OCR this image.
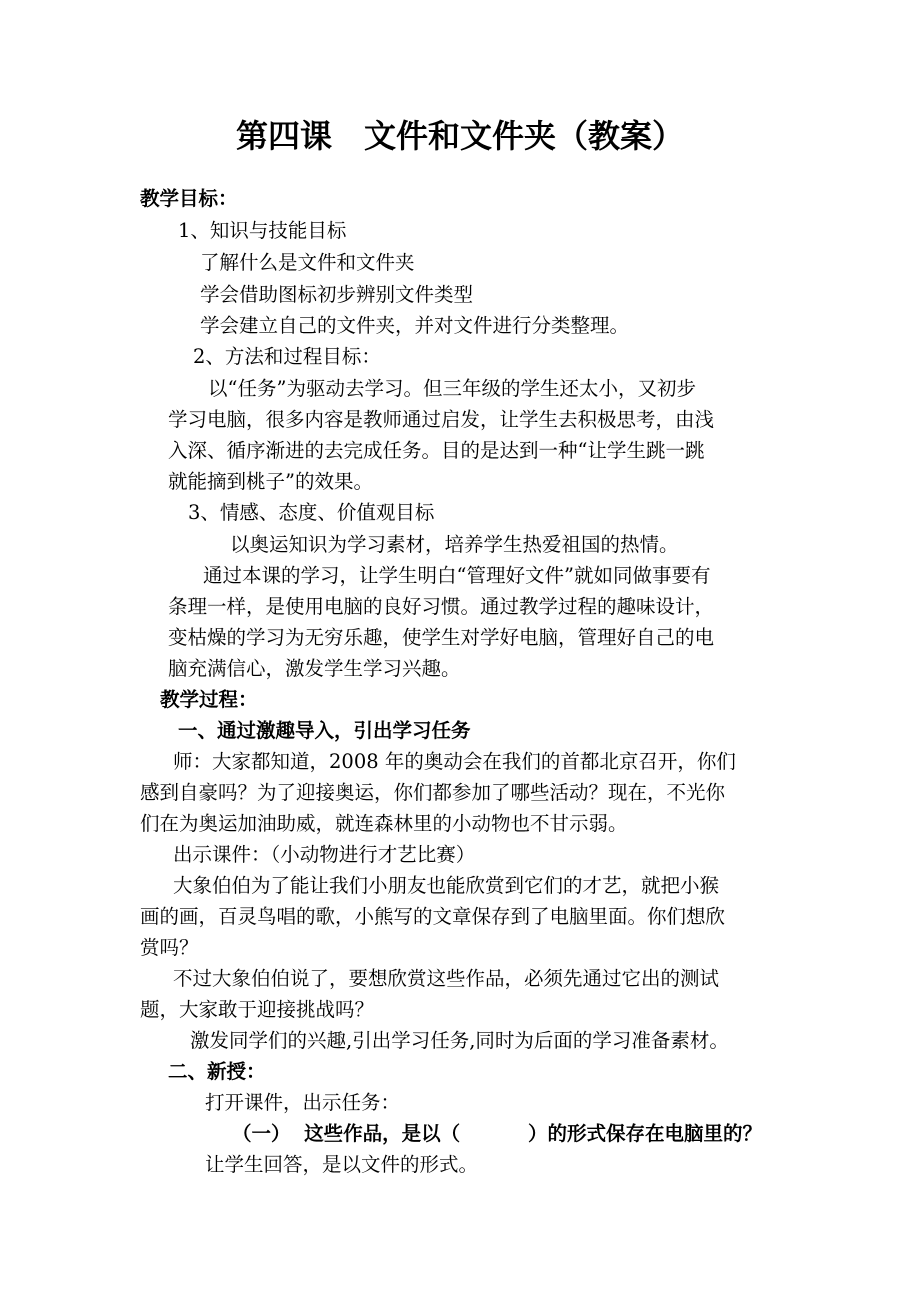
第四课　文件和文件夹（教案）
教学目标：
1、知识与技能目标
了解什么是文件和文件夹
学会借助图标初步辨别文件类型
学会建立自己的文件夹，并对文件进行分类整理。
2、方法和过程目标：
以“任务”为驱动去学习。但三年级的学生还太小，又初步
学习电脑，很多内容是教师通过启发，让学生去积极思考，由浅
入深、循序渐进的去完成任务。目的是达到一种“让学生跳一跳
就能摘到桃子”的效果。
3、情感、态度、价值观目标
以奥运知识为学习素材，培养学生热爱祖国的热情。
通过本课的学习，让学生明白“管理好文件”就如同做事要有
条理一样，是使用电脑的良好习惯。通过教学过程的趣味设计，
变枯燥的学习为无穷乐趣，使学生对学好电脑，管理好自己的电
脑充满信心，激发学生学习兴趣。
教学过程：
一、通过激趣导入，引出学习任务
师：大家都知道，2008 年的奥动会在我们的首都北京召开，你们
感到自豪吗？为了迎接奥运，你们都参加了哪些活动？现在，不光你
们在为奥运加油助威，就连森林里的小动物也不甘示弱。
出示课件：（小动物进行才艺比赛）
大象伯伯为了能让我们小朋友也能欣赏到它们的才艺，就把小猴
画的画，百灵鸟唱的歌，小熊写的文章保存到了电脑里面。你们想欣
赏吗？
不过大象伯伯说了，要想欣赏这些作品，必须先通过它出的测试
题，大家敢于迎接挑战吗？
激发同学们的兴趣,引出学习任务,同时为后面的学习准备素材。
二、新授：
打开课件，出示任务：
（一）  这些作品，是以（          ）的形式保存在电脑里的？
让学生回答，是以文件的形式。
